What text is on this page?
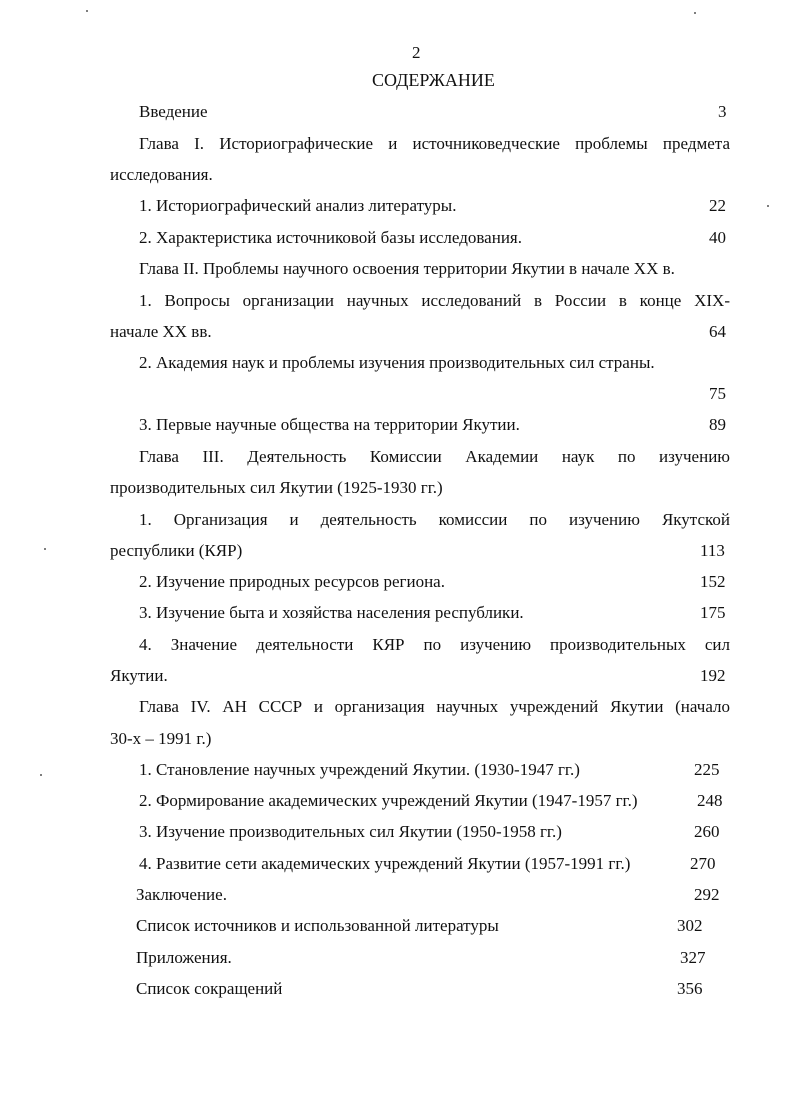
2
СОДЕРЖАНИЕ
Введение	3
Глава I. Историографические и источниковедческие проблемы предмета
исследования.
1. Историографический анализ литературы.	22
2. Характеристика источниковой базы исследования.	40
Глава II. Проблемы научного освоения территории Якутии в начале XX в.
1. Вопросы организации научных исследований в России в конце XIX-
начале XX вв.	64
2. Академия наук и проблемы изучения производительных сил страны.
75
3. Первые научные общества на территории Якутии.	89
Глава III. Деятельность Комиссии Академии наук по изучению
производительных сил Якутии (1925-1930 гг.)
1. Организация и деятельность комиссии по изучению Якутской
республики (КЯР)	113
2. Изучение природных ресурсов региона.	152
3. Изучение быта и хозяйства населения республики.	175
4. Значение деятельности КЯР по изучению производительных сил
Якутии.	192
Глава IV. АН СССР и организация научных учреждений Якутии (начало
30-х – 1991 г.)
1. Становление научных учреждений Якутии. (1930-1947 гг.)	225
2. Формирование академических учреждений Якутии (1947-1957 гг.)	248
3. Изучение производительных сил Якутии (1950-1958 гг.)	260
4. Развитие сети академических учреждений Якутии (1957-1991 гг.)	270
Заключение.	292
Список источников и использованной литературы	302
Приложения.	327
Список сокращений	356
